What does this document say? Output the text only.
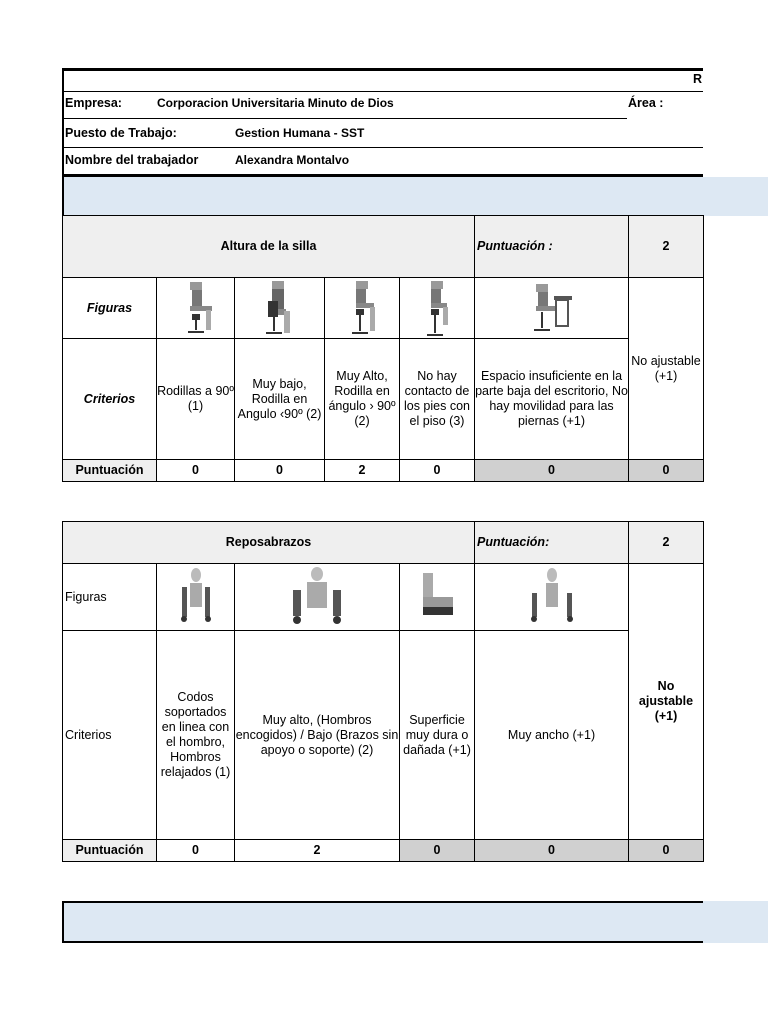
R
Empresa:	Corporacion Universitaria Minuto de Dios	Área :
Puesto de Trabajo:	Gestion Humana - SST
Nombre del trabajador	Alexandra Montalvo
Altura de la silla					Puntuación :	2
Figuras						No ajustable (+1)
Criterios	Rodillas a 90º (1)	Muy bajo, Rodilla en Angulo ‹90º (2)	Muy Alto, Rodilla en ángulo › 90º (2)	No hay contacto de los pies con el piso (3)	Espacio insuficiente en la parte baja del escritorio, No hay movilidad para las piernas (+1)	
Puntuación	0	0	2	0	0	0
Reposabrazos				Puntuación:	2
Figuras					No ajustable (+1)
Criterios	Codos soportados en linea con el hombro, Hombros relajados (1)	Muy alto, (Hombros encogidos) / Bajo (Brazos sin apoyo o soporte) (2)	Superficie muy dura o dañada (+1)	Muy ancho (+1)	
Puntuación	0	2	0	0	0
